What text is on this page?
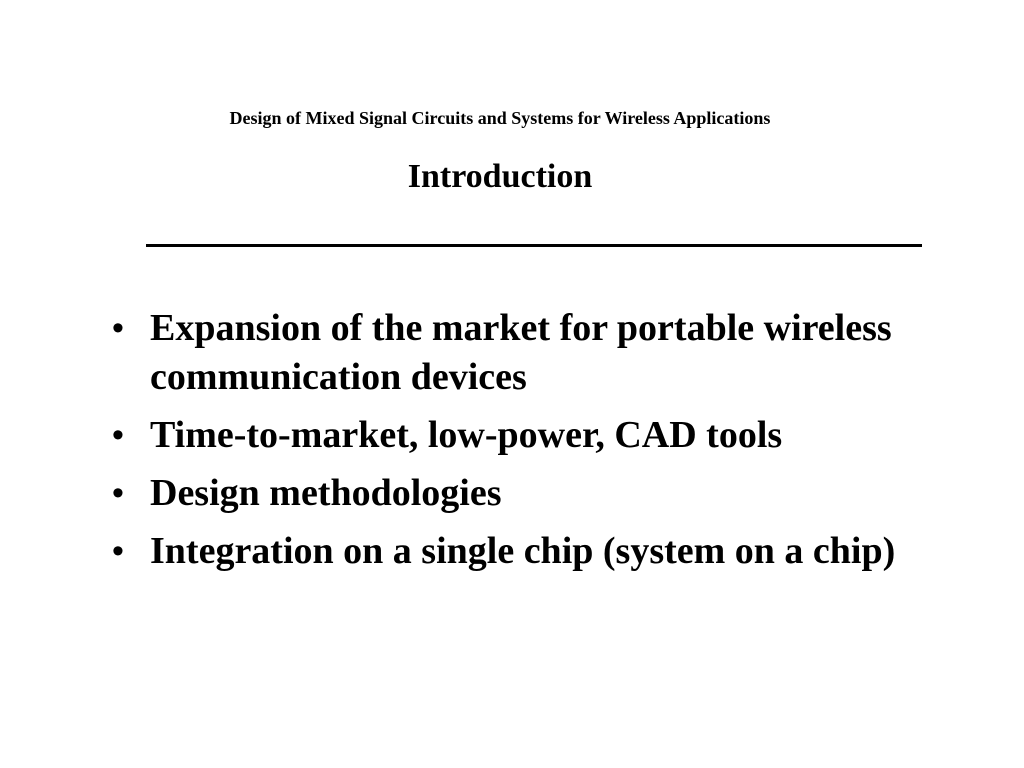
Design of Mixed Signal Circuits and Systems for Wireless Applications
Introduction
• Expansion of the market for portable wireless communication devices
• Time-to-market, low-power, CAD tools
• Design methodologies
• Integration on a single chip (system on a chip)
